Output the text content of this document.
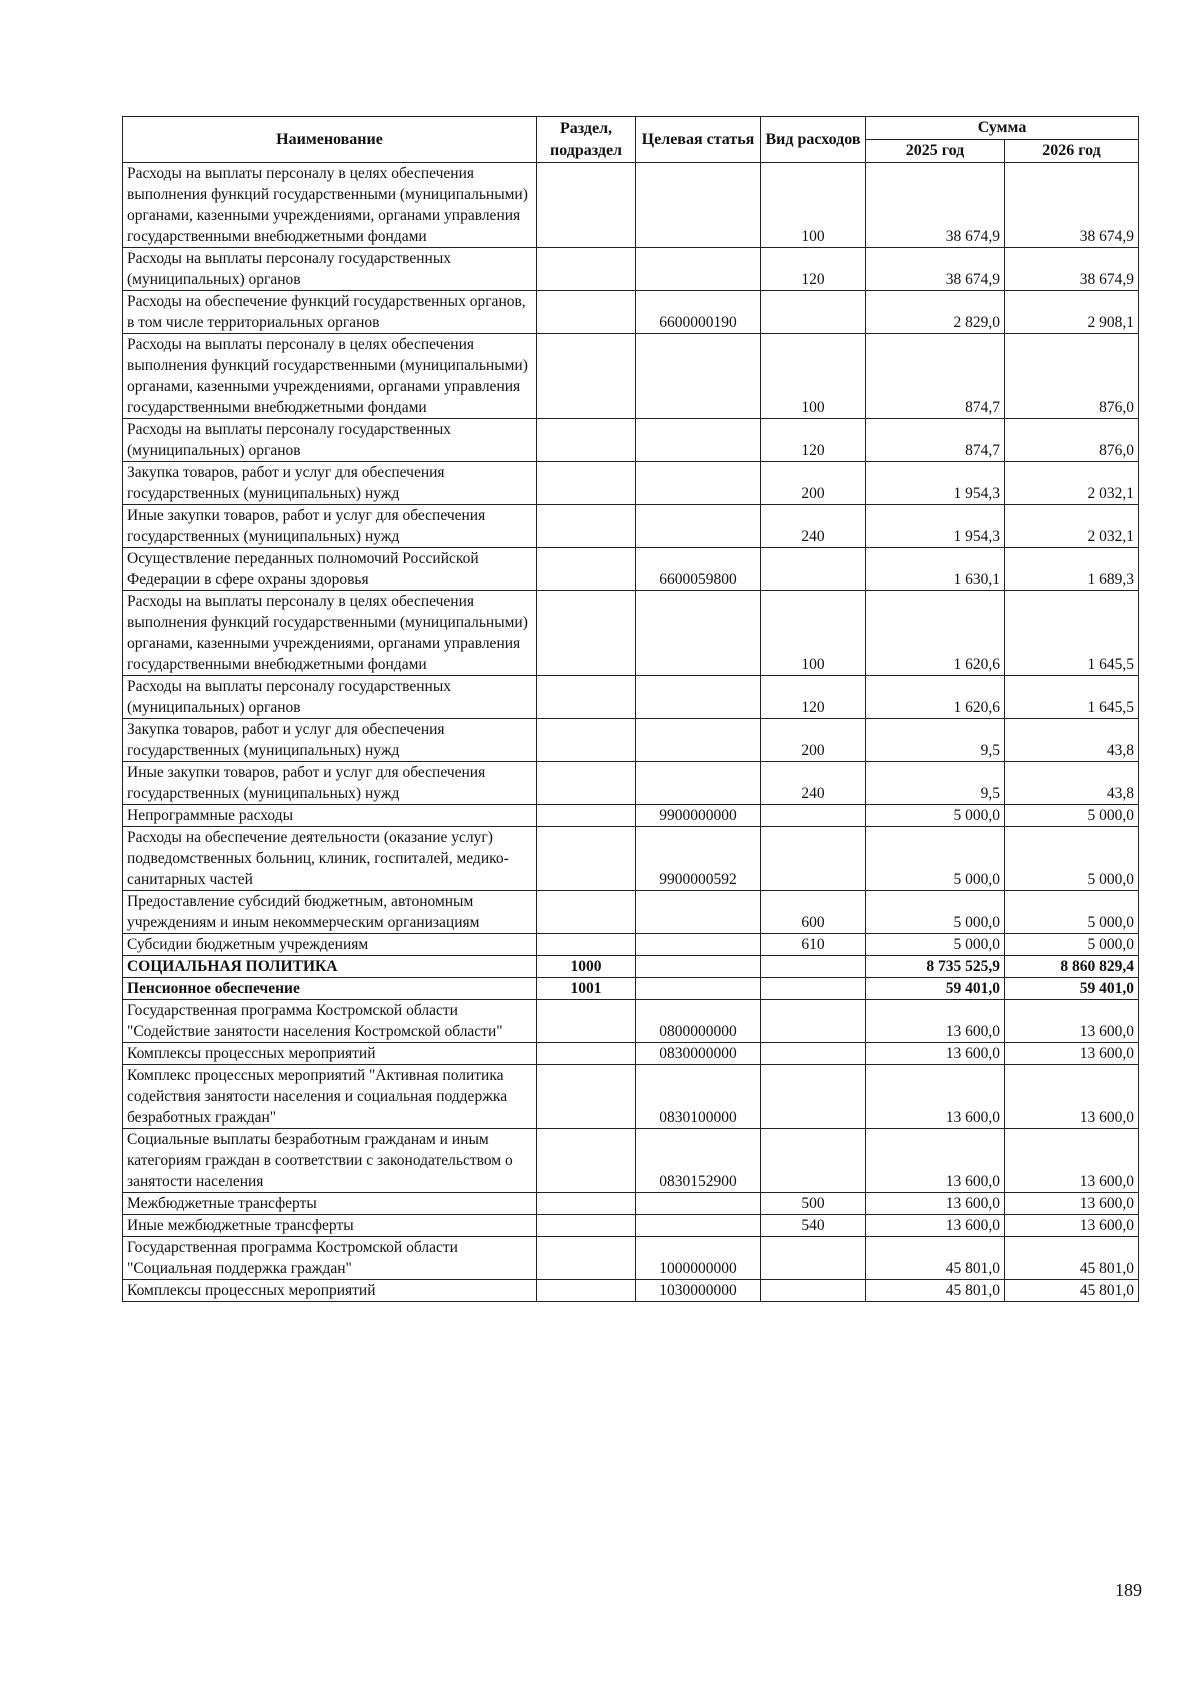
Наименование	Раздел, подраздел	Целевая статья	Вид расходов	Сумма	
				2025 год	2026 год
Расходы на выплаты персоналу в целях обеспечения выполнения функций государственными (муниципальными) органами, казенными учреждениями, органами управления государственными внебюджетными фондами			100	38 674,9	38 674,9
Расходы на выплаты персоналу государственных (муниципальных) органов			120	38 674,9	38 674,9
Расходы на обеспечение функций государственных органов, в том числе территориальных органов		6600000190		2 829,0	2 908,1
Расходы на выплаты персоналу в целях обеспечения выполнения функций государственными (муниципальными) органами, казенными учреждениями, органами управления государственными внебюджетными фондами			100	874,7	876,0
Расходы на выплаты персоналу государственных (муниципальных) органов			120	874,7	876,0
Закупка товаров, работ и услуг для обеспечения государственных (муниципальных) нужд			200	1 954,3	2 032,1
Иные закупки товаров, работ и услуг для обеспечения государственных (муниципальных) нужд			240	1 954,3	2 032,1
Осуществление переданных полномочий Российской Федерации в сфере охраны здоровья		6600059800		1 630,1	1 689,3
Расходы на выплаты персоналу в целях обеспечения выполнения функций государственными (муниципальными) органами, казенными учреждениями, органами управления государственными внебюджетными фондами			100	1 620,6	1 645,5
Расходы на выплаты персоналу государственных (муниципальных) органов			120	1 620,6	1 645,5
Закупка товаров, работ и услуг для обеспечения государственных (муниципальных) нужд			200	9,5	43,8
Иные закупки товаров, работ и услуг для обеспечения государственных (муниципальных) нужд			240	9,5	43,8
Непрограммные расходы		9900000000		5 000,0	5 000,0
Расходы на обеспечение деятельности (оказание услуг) подведомственных больниц, клиник, госпиталей, медико-санитарных частей		9900000592		5 000,0	5 000,0
Предоставление субсидий бюджетным, автономным учреждениям и иным некоммерческим организациям			600	5 000,0	5 000,0
Субсидии бюджетным учреждениям			610	5 000,0	5 000,0
СОЦИАЛЬНАЯ ПОЛИТИКА	1000			8 735 525,9	8 860 829,4
Пенсионное обеспечение	1001			59 401,0	59 401,0
Государственная программа Костромской области "Содействие занятости населения Костромской области"		0800000000		13 600,0	13 600,0
Комплексы процессных мероприятий		0830000000		13 600,0	13 600,0
Комплекс процессных мероприятий "Активная политика содействия занятости населения и социальная поддержка безработных граждан"		0830100000		13 600,0	13 600,0
Социальные выплаты безработным гражданам и иным категориям граждан в соответствии с законодательством о занятости населения		0830152900		13 600,0	13 600,0
Межбюджетные трансферты			500	13 600,0	13 600,0
Иные межбюджетные трансферты			540	13 600,0	13 600,0
Государственная программа Костромской области "Социальная поддержка граждан"		1000000000		45 801,0	45 801,0
Комплексы процессных мероприятий		1030000000		45 801,0	45 801,0
189
